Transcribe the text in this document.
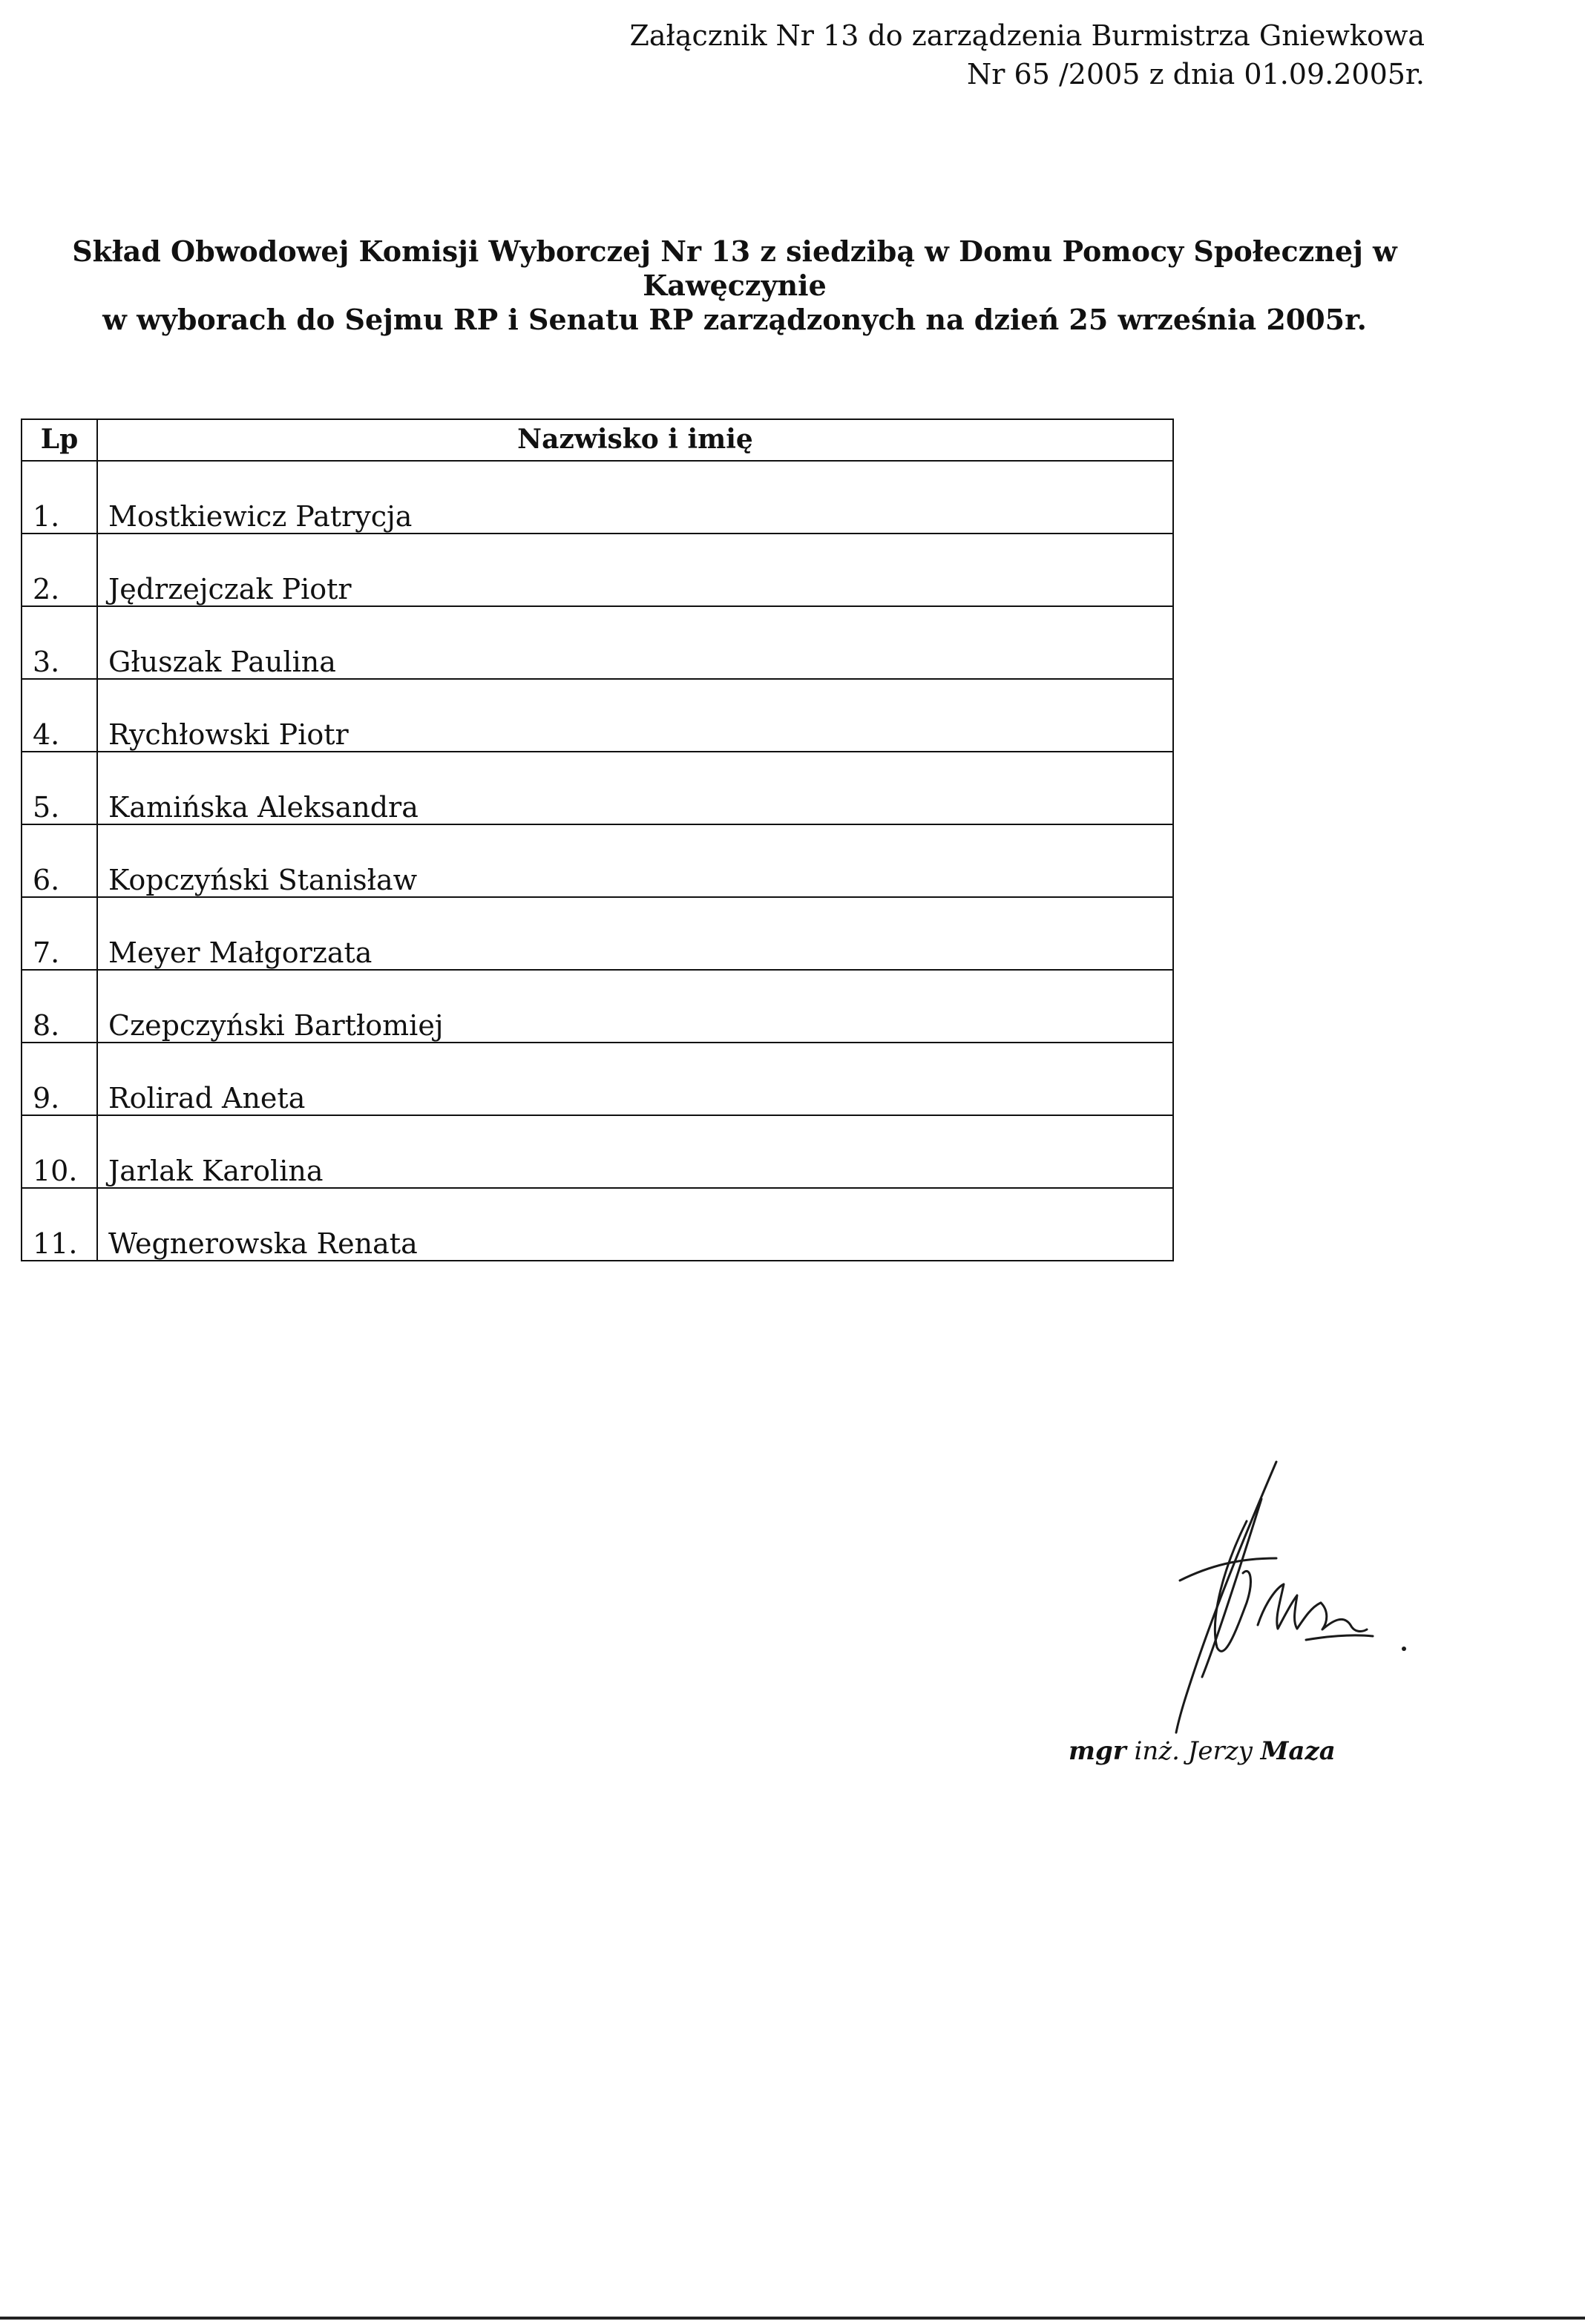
Załącznik Nr 13 do zarządzenia Burmistrza Gniewkowa
Nr 65 /2005 z dnia 01.09.2005r.
Skład Obwodowej Komisji Wyborczej Nr 13 z siedzibą w Domu Pomocy Społecznej w
Kawęczynie
w wyborach do Sejmu RP i Senatu RP zarządzonych na dzień 25 września 2005r.
Lp	Nazwisko i imię
1.	Mostkiewicz Patrycja
2.	Jędrzejczak Piotr
3.	Głuszak Paulina
4.	Rychłowski Piotr
5.	Kamińska Aleksandra
6.	Kopczyński Stanisław
7.	Meyer Małgorzata
8.	Czepczyński Bartłomiej
9.	Rolirad Aneta
10.	Jarlak Karolina
11.	Wegnerowska Renata
mgr inż. Jerzy Maza
